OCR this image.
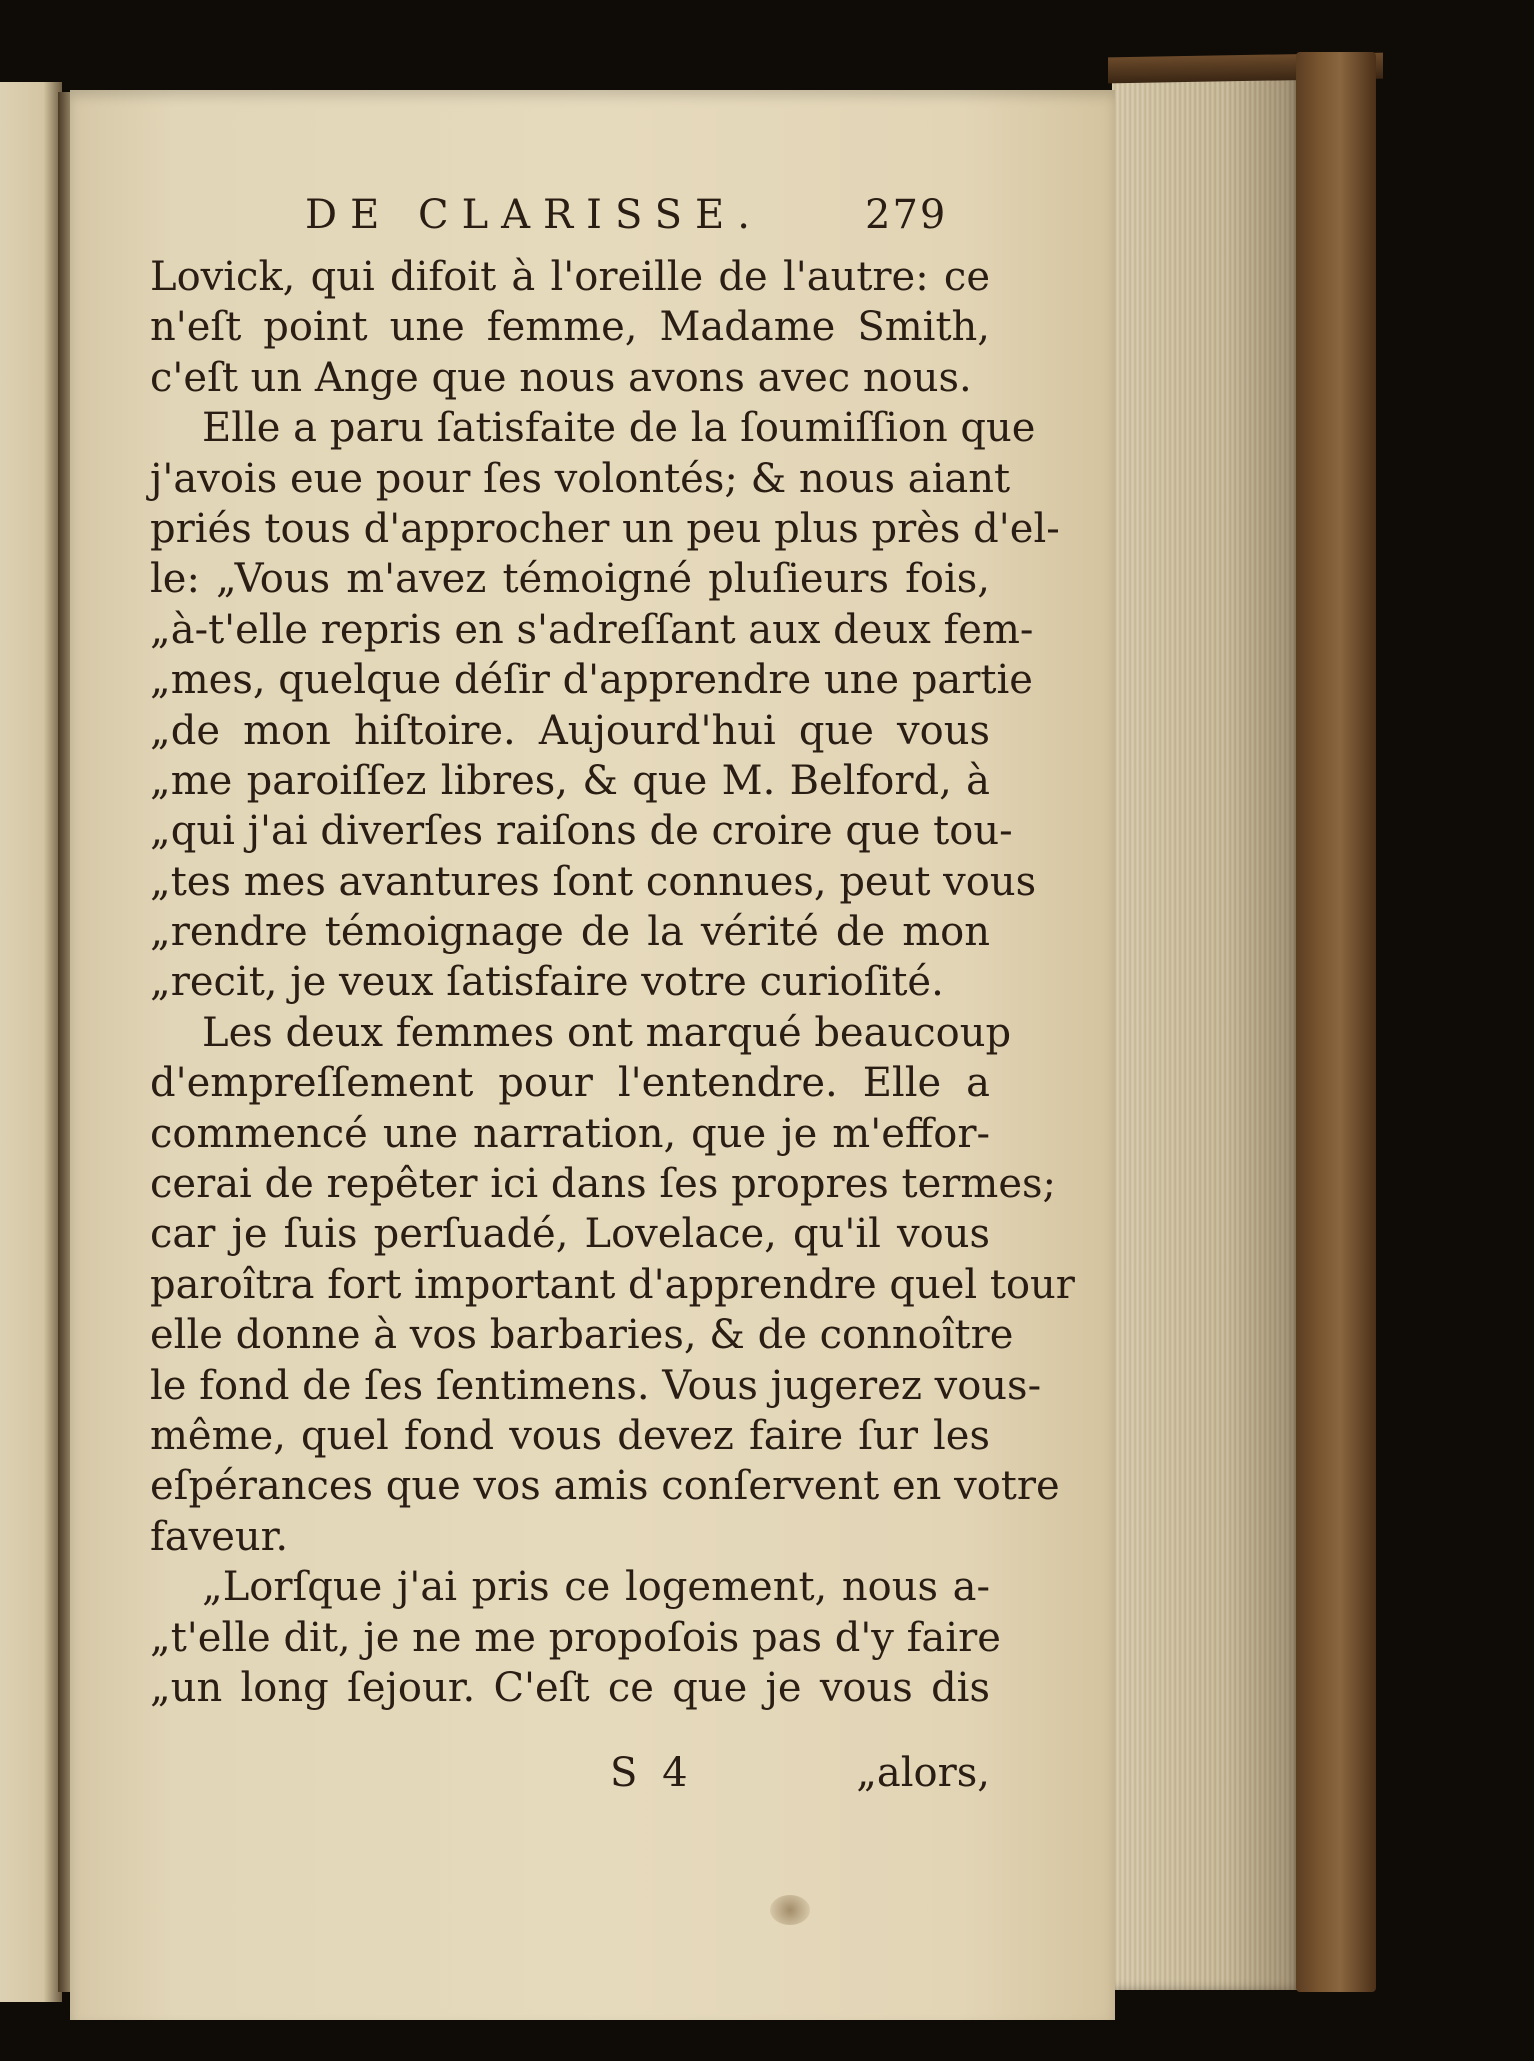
DE CLARISSE.	279
Lovick, qui difoit à l'oreille de l'autre: ce
n'eſt point une femme, Madame Smith,
c'eſt un Ange que nous avons avec nous.
Elle a paru ſatisfaite de la ſoumiſſion que
j'avois eue pour ſes volontés; & nous aiant
priés tous d'approcher un peu plus près d'el-
le: „Vous m'avez témoigné pluſieurs fois,
„à-t'elle repris en s'adreſſant aux deux fem-
„mes, quelque déſir d'apprendre une partie
„de mon hiſtoire. Aujourd'hui que vous
„me paroiſſez libres, & que M. Belford, à
„qui j'ai diverſes raiſons de croire que tou-
„tes mes avantures ſont connues, peut vous
„rendre témoignage de la vérité de mon
„recit, je veux ſatisfaire votre curioſité.
Les deux femmes ont marqué beaucoup
d'empreſſement pour l'entendre. Elle a
commencé une narration, que je m'effor-
cerai de repêter ici dans ſes propres termes;
car je ſuis perſuadé, Lovelace, qu'il vous
paroîtra fort important d'apprendre quel tour
elle donne à vos barbaries, & de connoître
le fond de ſes ſentimens. Vous jugerez vous-
même, quel fond vous devez faire ſur les
eſpérances que vos amis conſervent en votre
faveur.
„Lorſque j'ai pris ce logement, nous a-
„t'elle dit, je ne me propoſois pas d'y faire
„un long ſejour. C'eſt ce que je vous dis
S 4	„alors,
